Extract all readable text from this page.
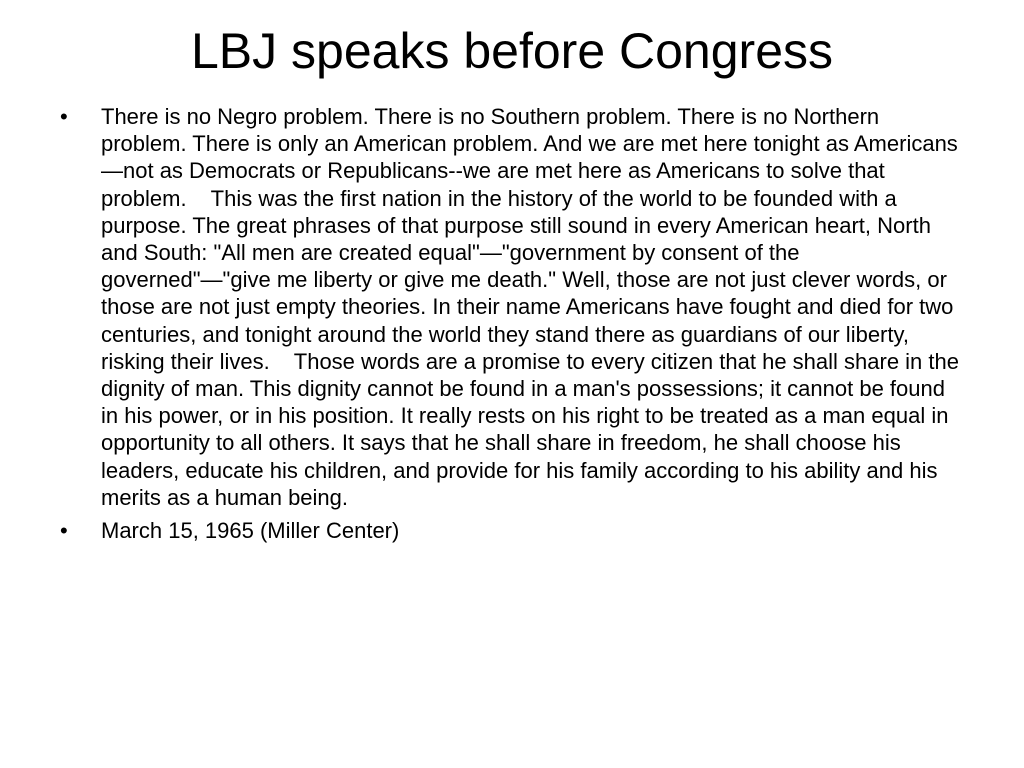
LBJ speaks before Congress
• There is no Negro problem. There is no Southern problem. There is no Northern problem. There is only an American problem. And we are met here tonight as Americans—not as Democrats or Republicans--we are met here as Americans to solve that problem.    This was the first nation in the history of the world to be founded with a purpose. The great phrases of that purpose still sound in every American heart, North and South: "All men are created equal"—"government by consent of the governed"—"give me liberty or give me death." Well, those are not just clever words, or those are not just empty theories. In their name Americans have fought and died for two centuries, and tonight around the world they stand there as guardians of our liberty, risking their lives.    Those words are a promise to every citizen that he shall share in the dignity of man. This dignity cannot be found in a man's possessions; it cannot be found in his power, or in his position. It really rests on his right to be treated as a man equal in opportunity to all others. It says that he shall share in freedom, he shall choose his leaders, educate his children, and provide for his family according to his ability and his merits as a human being.
• March 15, 1965 (Miller Center)
